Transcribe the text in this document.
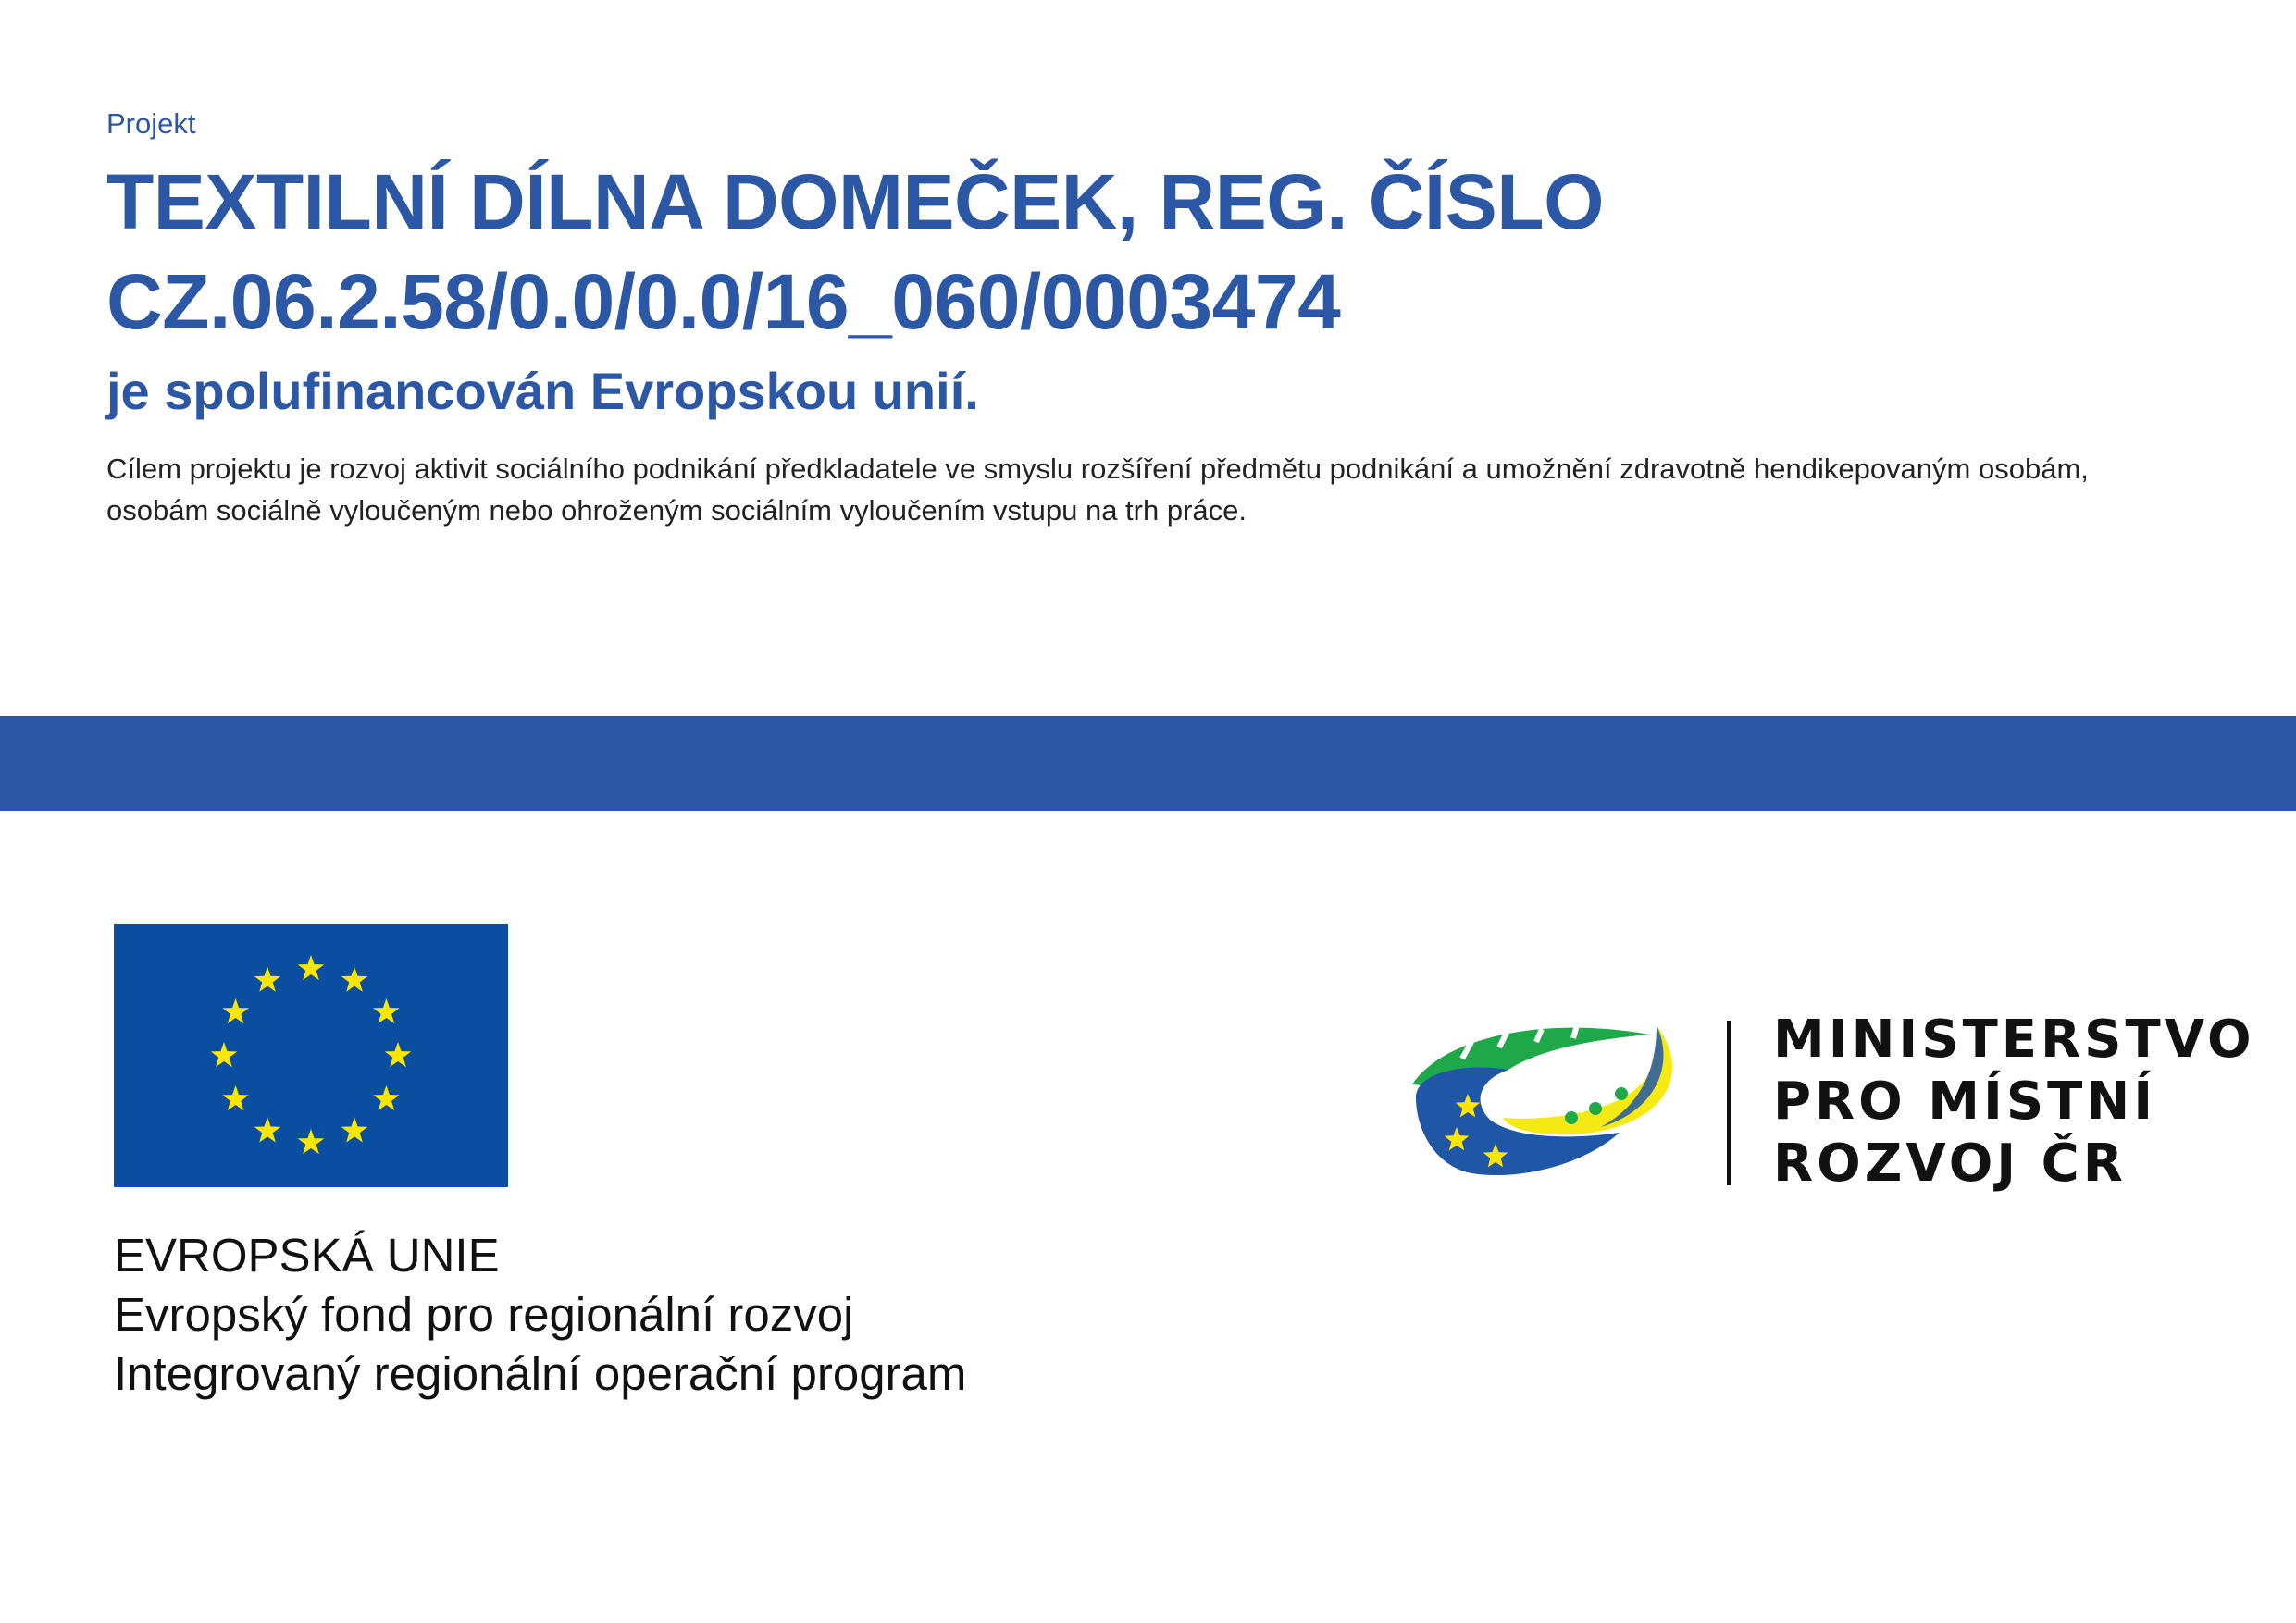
Projekt
TEXTILNÍ DÍLNA DOMEČEK, REG. ČÍSLO
CZ.06.2.58/0.0/0.0/16_060/0003474
je spolufinancován Evropskou unií.
Cílem projektu je rozvoj aktivit sociálního podnikání předkladatele ve smyslu rozšíření předmětu podnikání a umožnění zdravotně hendikepovaným osobám, osobám sociálně vyloučeným nebo ohroženým sociálním vyloučením vstupu na trh práce.
EVROPSKÁ UNIE
Evropský fond pro regionální rozvoj
Integrovaný regionální operační program
MINISTERSTVO
PRO MÍSTNÍ
ROZVOJ ČR
